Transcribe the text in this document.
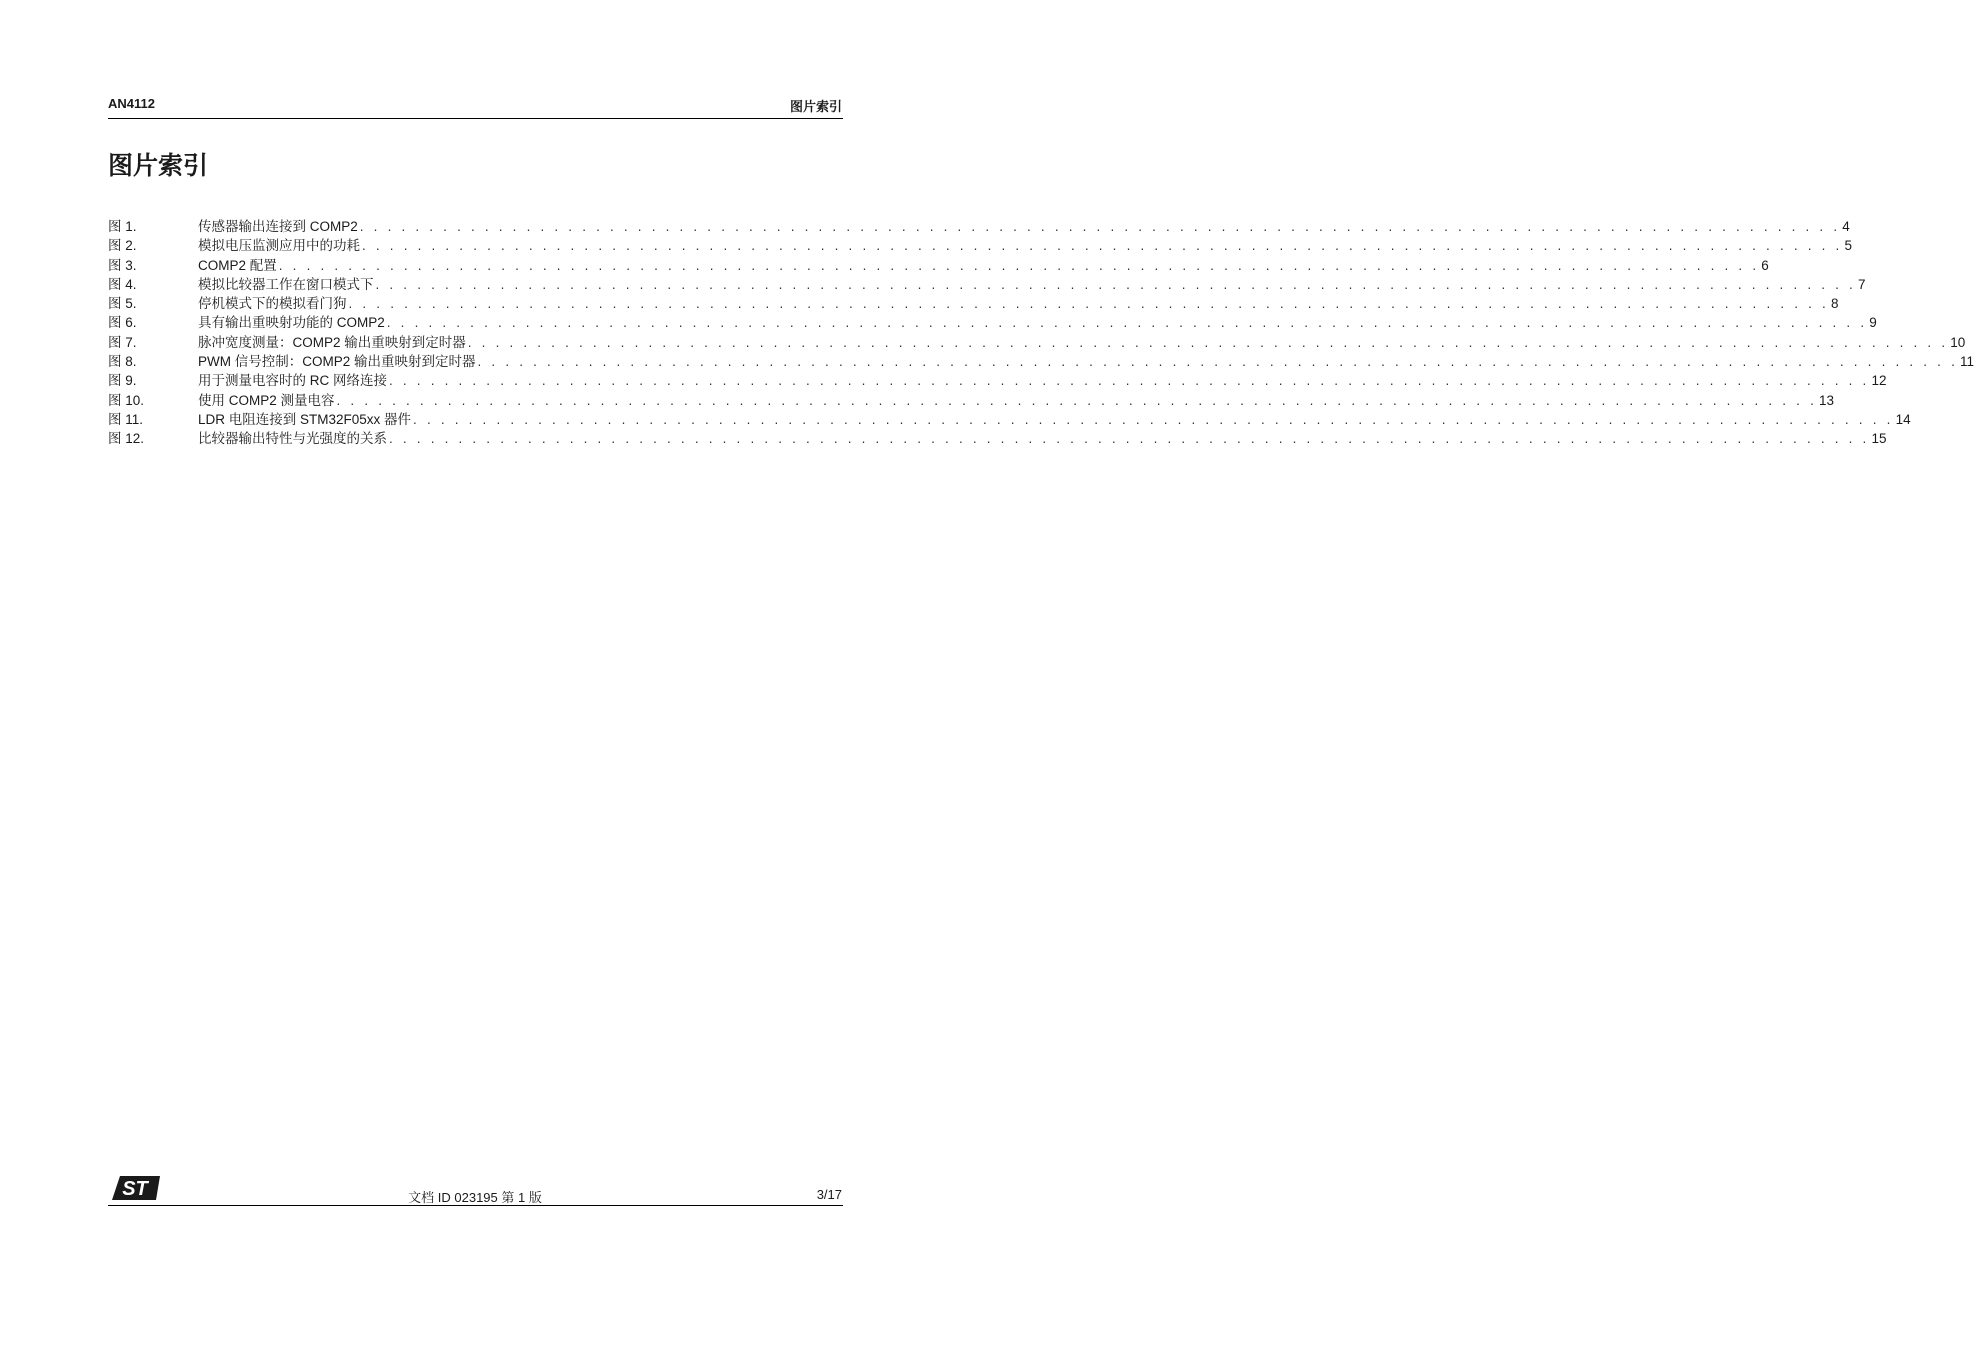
AN4112	图片索引
图片索引
图 1.	传感器输出连接到 COMP2 . . . . . . . . . . . . . . . . . . . . . . . . . . . . . . . . . . . . . . . . . . . . . . . . . . . . . . . . . . . . . . . . . . . . . . . . . . . . . . . . . . . . . . . . . . . . . . . . . . . . . . . . . . . 4
图 2.	模拟电压监测应用中的功耗 . . . . . . . . . . . . . . . . . . . . . . . . . . . . . . . . . . . . . . . . . . . . . . . . . . . . . . . . . . . . . . . . . . . . . . . . . . . . . . . . . . . . . . . . . . . . . . . . . . . . . . . . . . . 5
图 3.	COMP2 配置 . . . . . . . . . . . . . . . . . . . . . . . . . . . . . . . . . . . . . . . . . . . . . . . . . . . . . . . . . . . . . . . . . . . . . . . . . . . . . . . . . . . . . . . . . . . . . . . . . . . . . . . . . . . 6
图 4.	模拟比较器工作在窗口模式下 . . . . . . . . . . . . . . . . . . . . . . . . . . . . . . . . . . . . . . . . . . . . . . . . . . . . . . . . . . . . . . . . . . . . . . . . . . . . . . . . . . . . . . . . . . . . . . . . . . . . . . . . . . . 7
图 5.	停机模式下的模拟看门狗 . . . . . . . . . . . . . . . . . . . . . . . . . . . . . . . . . . . . . . . . . . . . . . . . . . . . . . . . . . . . . . . . . . . . . . . . . . . . . . . . . . . . . . . . . . . . . . . . . . . . . . . . . . . 8
图 6.	具有输出重映射功能的 COMP2 . . . . . . . . . . . . . . . . . . . . . . . . . . . . . . . . . . . . . . . . . . . . . . . . . . . . . . . . . . . . . . . . . . . . . . . . . . . . . . . . . . . . . . . . . . . . . . . . . . . . . . . . . . . 9
图 7.	脉冲宽度测量：COMP2 输出重映射到定时器 . . . . . . . . . . . . . . . . . . . . . . . . . . . . . . . . . . . . . . . . . . . . . . . . . . . . . . . . . . . . . . . . . . . . . . . . . . . . . . . . . . . . . . . . . . . . . . . . . . . . . . . . . . . 10
图 8.	PWM 信号控制：COMP2 输出重映射到定时器 . . . . . . . . . . . . . . . . . . . . . . . . . . . . . . . . . . . . . . . . . . . . . . . . . . . . . . . . . . . . . . . . . . . . . . . . . . . . . . . . . . . . . . . . . . . . . . . . . . . . . . . . . . . 11
图 9.	用于测量电容时的 RC 网络连接 . . . . . . . . . . . . . . . . . . . . . . . . . . . . . . . . . . . . . . . . . . . . . . . . . . . . . . . . . . . . . . . . . . . . . . . . . . . . . . . . . . . . . . . . . . . . . . . . . . . . . . . . . . . 12
图 10.	使用 COMP2 测量电容 . . . . . . . . . . . . . . . . . . . . . . . . . . . . . . . . . . . . . . . . . . . . . . . . . . . . . . . . . . . . . . . . . . . . . . . . . . . . . . . . . . . . . . . . . . . . . . . . . . . . . . . . . . . 13
图 11.	LDR 电阻连接到 STM32F05xx 器件 . . . . . . . . . . . . . . . . . . . . . . . . . . . . . . . . . . . . . . . . . . . . . . . . . . . . . . . . . . . . . . . . . . . . . . . . . . . . . . . . . . . . . . . . . . . . . . . . . . . . . . . . . . . 14
图 12.	比较器输出特性与光强度的关系 . . . . . . . . . . . . . . . . . . . . . . . . . . . . . . . . . . . . . . . . . . . . . . . . . . . . . . . . . . . . . . . . . . . . . . . . . . . . . . . . . . . . . . . . . . . . . . . . . . . . . . . . . . . 15
ST	文档 ID 023195 第 1 版	3/17
